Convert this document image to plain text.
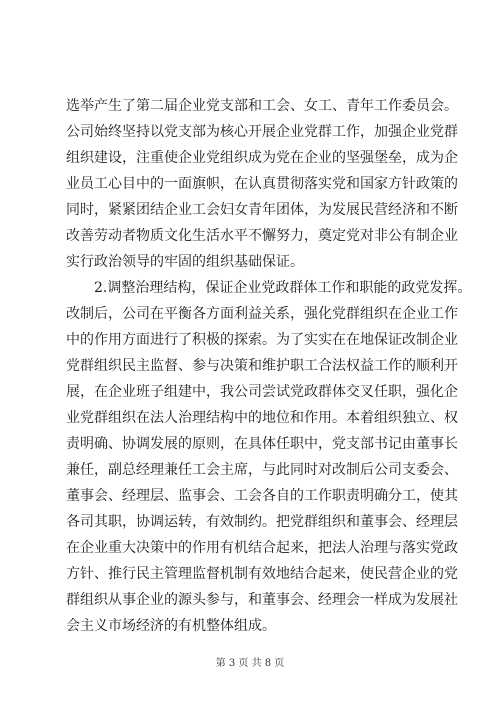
选举产生了第二届企业党支部和工会、女工、青年工作委员会。
公司始终坚持以党支部为核心开展企业党群工作，加强企业党群
组织建设，注重使企业党组织成为党在企业的坚强堡垒，成为企
业员工心目中的一面旗帜，在认真贯彻落实党和国家方针政策的
同时，紧紧团结企业工会妇女青年团体，为发展民营经济和不断
改善劳动者物质文化生活水平不懈努力，奠定党对非公有制企业
实行政治领导的牢固的组织基础保证。
2.调整治理结构，保证企业党政群体工作和职能的政党发挥。
改制后，公司在平衡各方面利益关系，强化党群组织在企业工作
中的作用方面进行了积极的探索。为了实实在在地保证改制企业
党群组织民主监督、参与决策和维护职工合法权益工作的顺利开
展，在企业班子组建中，我公司尝试党政群体交叉任职，强化企
业党群组织在法人治理结构中的地位和作用。本着组织独立、权
责明确、协调发展的原则，在具体任职中，党支部书记由董事长
兼任，副总经理兼任工会主席，与此同时对改制后公司支委会、
董事会、经理层、监事会、工会各自的工作职责明确分工，使其
各司其职，协调运转，有效制约。把党群组织和董事会、经理层
在企业重大决策中的作用有机结合起来，把法人治理与落实党政
方针、推行民主管理监督机制有效地结合起来，使民营企业的党
群组织从事企业的源头参与，和董事会、经理会一样成为发展社
会主义市场经济的有机整体组成。
第 3 页 共 8 页
